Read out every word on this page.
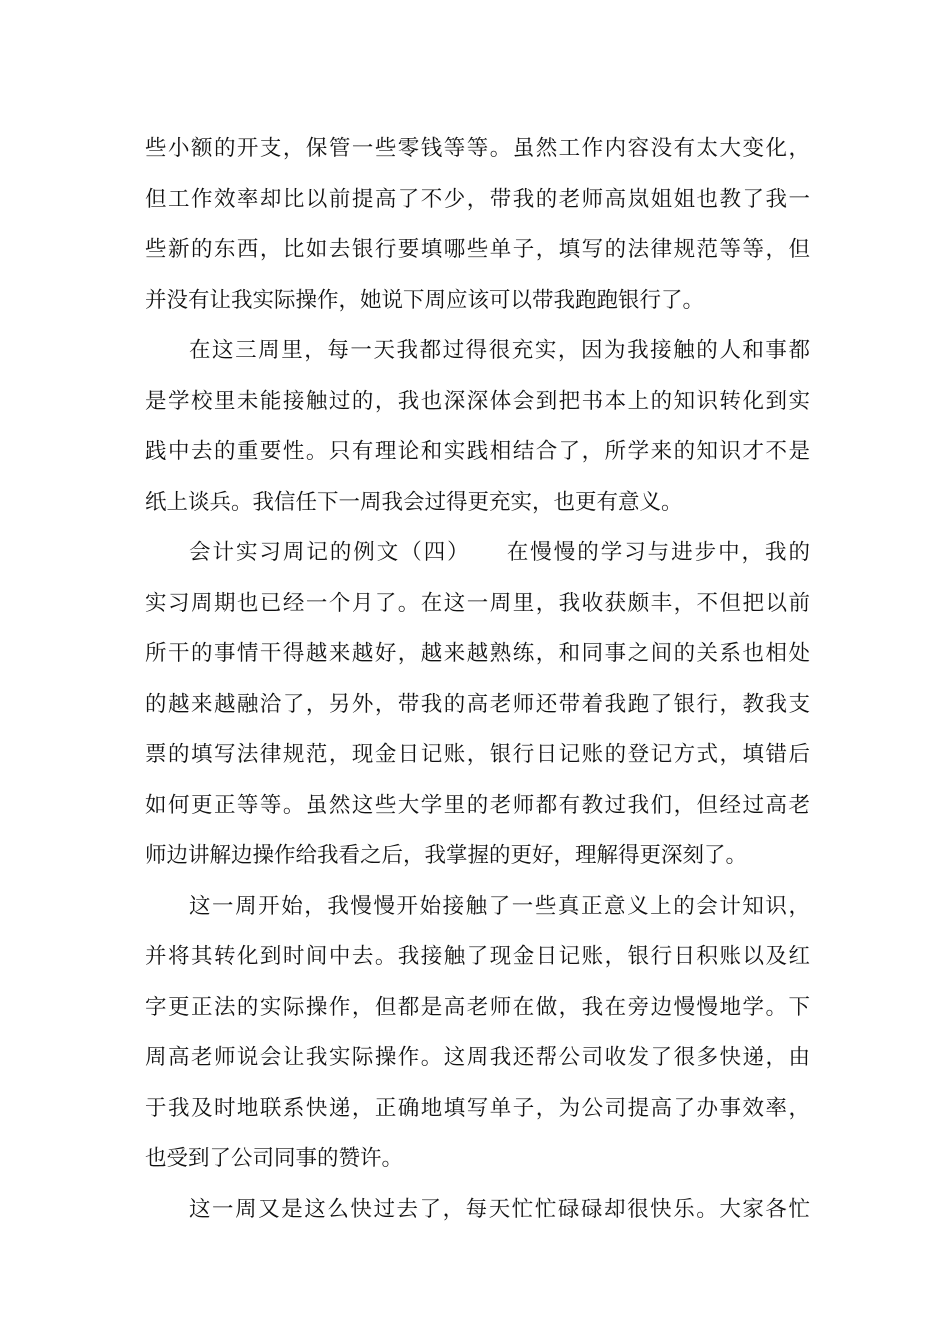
些小额的开支，保管一些零钱等等。虽然工作内容没有太大变化，
但工作效率却比以前提高了不少，带我的老师高岚姐姐也教了我一
些新的东西，比如去银行要填哪些单子，填写的法律规范等等，但
并没有让我实际操作，她说下周应该可以带我跑跑银行了。
在这三周里，每一天我都过得很充实，因为我接触的人和事都
是学校里未能接触过的，我也深深体会到把书本上的知识转化到实
践中去的重要性。只有理论和实践相结合了，所学来的知识才不是
纸上谈兵。我信任下一周我会过得更充实，也更有意义。
会计实习周记的例文（四）　　在慢慢的学习与进步中，我的
实习周期也已经一个月了。在这一周里，我收获颇丰，不但把以前
所干的事情干得越来越好，越来越熟练，和同事之间的关系也相处
的越来越融洽了，另外，带我的高老师还带着我跑了银行，教我支
票的填写法律规范，现金日记账，银行日记账的登记方式，填错后
如何更正等等。虽然这些大学里的老师都有教过我们，但经过高老
师边讲解边操作给我看之后，我掌握的更好，理解得更深刻了。
这一周开始，我慢慢开始接触了一些真正意义上的会计知识，
并将其转化到时间中去。我接触了现金日记账，银行日积账以及红
字更正法的实际操作，但都是高老师在做，我在旁边慢慢地学。下
周高老师说会让我实际操作。这周我还帮公司收发了很多快递，由
于我及时地联系快递，正确地填写单子，为公司提高了办事效率，
也受到了公司同事的赞许。
这一周又是这么快过去了，每天忙忙碌碌却很快乐。大家各忙
